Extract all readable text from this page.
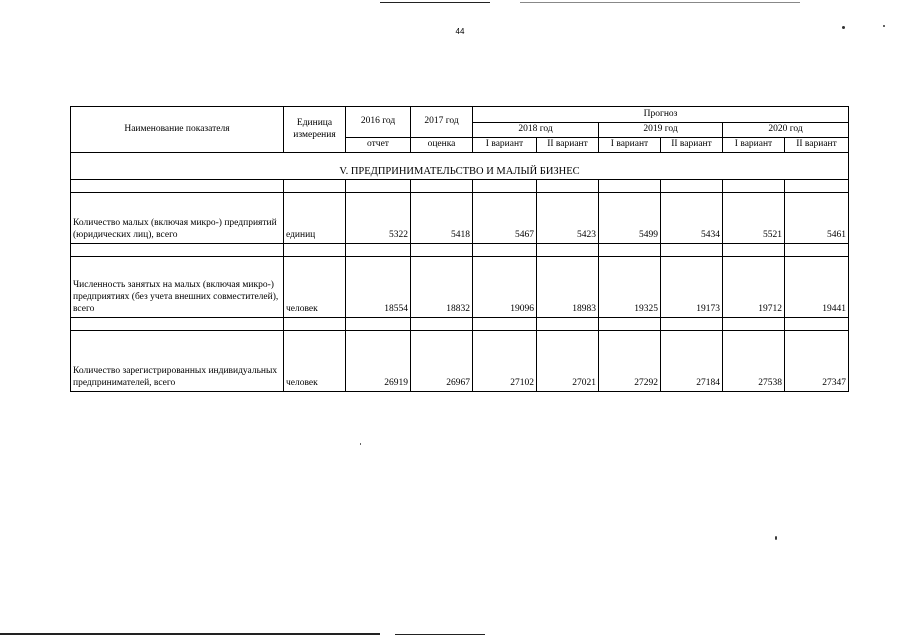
44
Наименование показателя	Единица измерения	2016 год	2017 год	Прогноз					
				2018 год		2019 год		2020 год	
		отчет	оценка	I вариант	II вариант	I вариант	II вариант	I вариант	II вариант
V. ПРЕДПРИНИМАТЕЛЬСТВО И МАЛЫЙ БИЗНЕС									

Количество малых (включая микро-) предприятий (юридических лиц), всего	единиц	5322	5418	5467	5423	5499	5434	5521	5461

Численность занятых на малых (включая микро-) предприятиях (без учета внешних совместителей), всего	человек	18554	18832	19096	18983	19325	19173	19712	19441

Количество зарегистрированных индивидуальных предпринимателей, всего	человек	26919	26967	27102	27021	27292	27184	27538	27347
